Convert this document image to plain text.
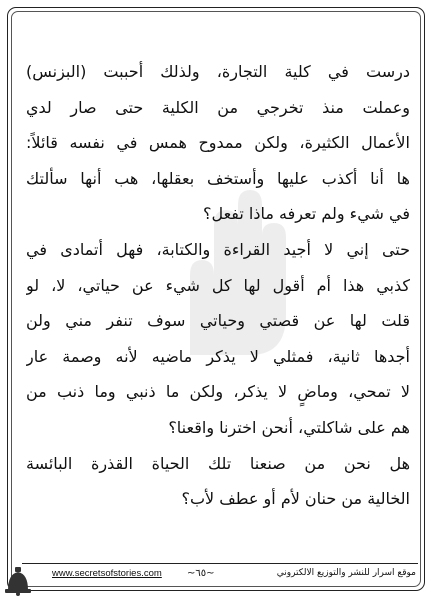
درست في كلية التجارة، ولذلك أحببت (البزنس)
وعملت منذ تخرجي من الكلية حتى صار لدي
الأعمال الكثيرة، ولكن ممدوح همس في نفسه قائلاً:
ها أنا أكذب عليها وأستخف بعقلها، هب أنها سألتك
في شيء ولم تعرفه ماذا تفعل؟
حتى إني لا أجيد القراءة والكتابة، فهل أتمادى في
كذبي هذا أم أقول لها كل شيء عن حياتي، لا، لو
قلت لها عن قصتي وحياتي سوف تنفر مني ولن
أجدها ثانية، فمثلي لا يذكر ماضيه لأنه وصمة عار
لا تمحي، وماضٍ لا يذكر، ولكن ما ذنبي وما ذنب من
هم على شاكلتي، أنحن اخترنا واقعنا؟
هل نحن من صنعنا تلك الحياة القذرة البائسة
الخالية من حنان لأم أو عطف لأب؟
www.secretsofstories.com	~٦٥~	موقع اسرار للنشر والتوزيع الالكتروني
